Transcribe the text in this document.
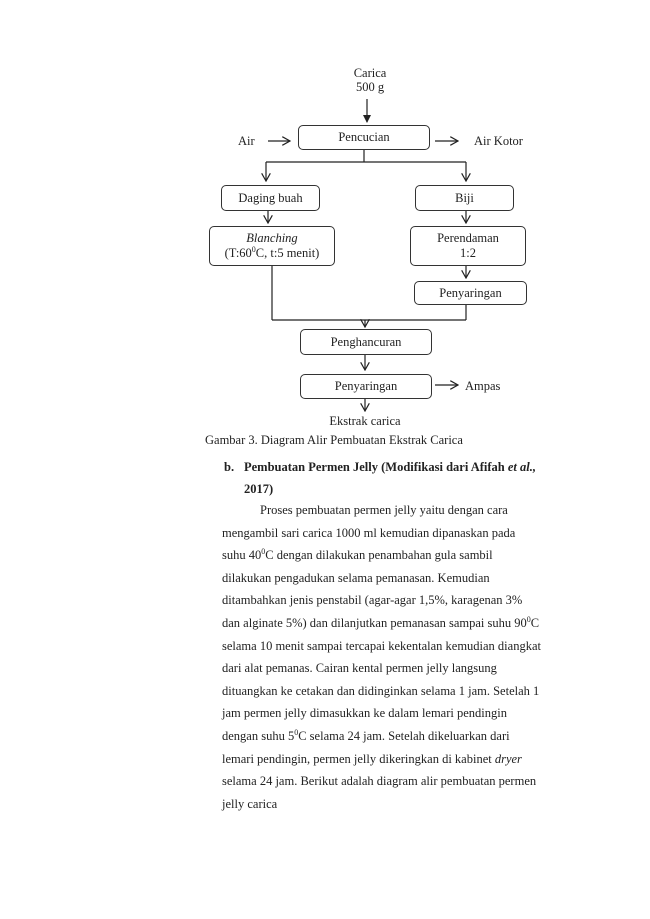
Carica
500 g
Air	Pencucian	Air Kotor
Daging buah	Biji
Blanching
($T:60^0C$, t:5 menit)
Perendaman
1:2
Penyaringan
Penghancuran
Penyaringan	Ampas
Ekstrak carica
Gambar 3. Diagram Alir Pembuatan Ekstrak Carica
b. Pembuatan Permen Jelly (Modifikasi dari Afifah et al.,
2017)
Proses pembuatan permen jelly yaitu dengan cara
mengambil sari carica 1000 ml kemudian dipanaskan pada
suhu $40^0C$ dengan dilakukan penambahan gula sambil
dilakukan pengadukan selama pemanasan. Kemudian
ditambahkan jenis penstabil (agar-agar 1,5%, karagenan 3%
dan alginate 5%) dan dilanjutkan pemanasan sampai suhu $90^0C$
selama 10 menit sampai tercapai kekentalan kemudian diangkat
dari alat pemanas. Cairan kental permen jelly langsung
dituangkan ke cetakan dan didinginkan selama 1 jam. Setelah 1
jam permen jelly dimasukkan ke dalam lemari pendingin
dengan suhu $5^0C$ selama 24 jam. Setelah dikeluarkan dari
lemari pendingin, permen jelly dikeringkan di kabinet dryer
selama 24 jam. Berikut adalah diagram alir pembuatan permen
jelly carica
